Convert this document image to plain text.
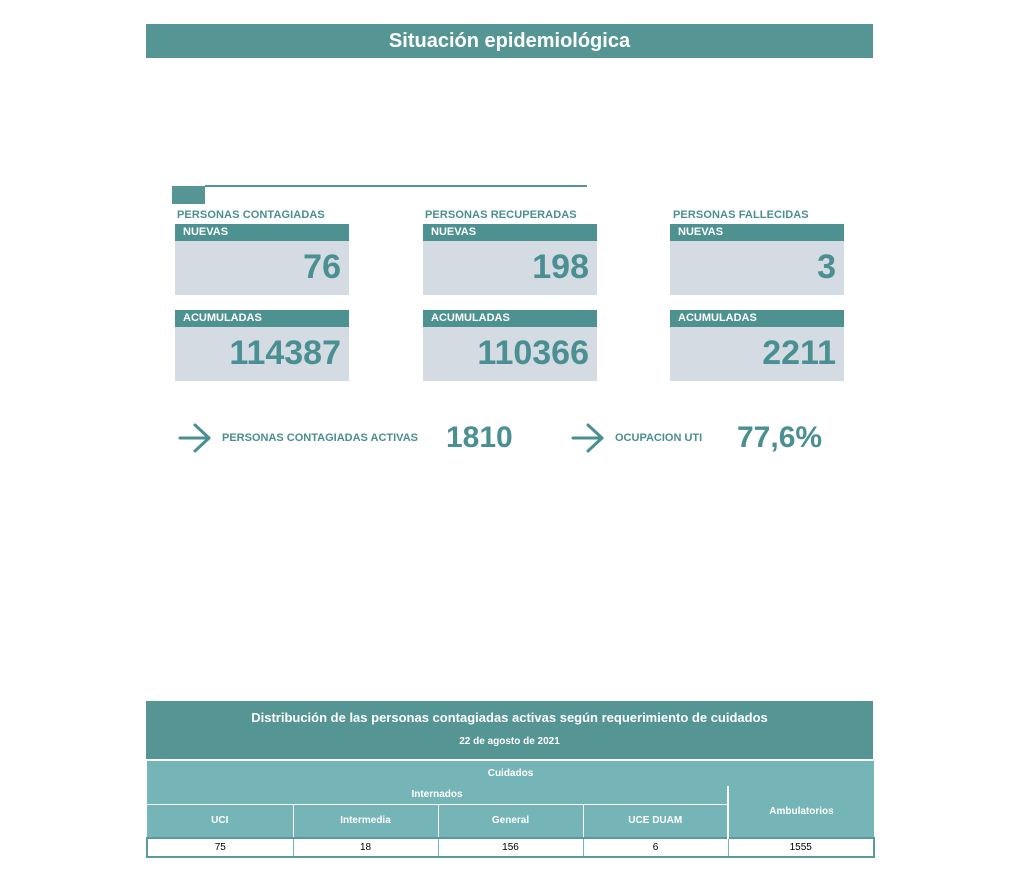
Situación epidemiológica
PERSONAS CONTAGIADAS	PERSONAS RECUPERADAS	PERSONAS FALLECIDAS
NUEVAS
76
NUEVAS
198
NUEVAS
3
ACUMULADAS
114387
ACUMULADAS
110366
ACUMULADAS
2211
PERSONAS CONTAGIADAS ACTIVAS 1810	OCUPACION UTI 77,6%
Distribución de las personas contagiadas activas según requerimiento de cuidados
22 de agosto de 2021
Cuidados				
Internados				Ambulatorios
UCI	Intermedia	General	UCE DUAM	
75	18	156	6	1555
